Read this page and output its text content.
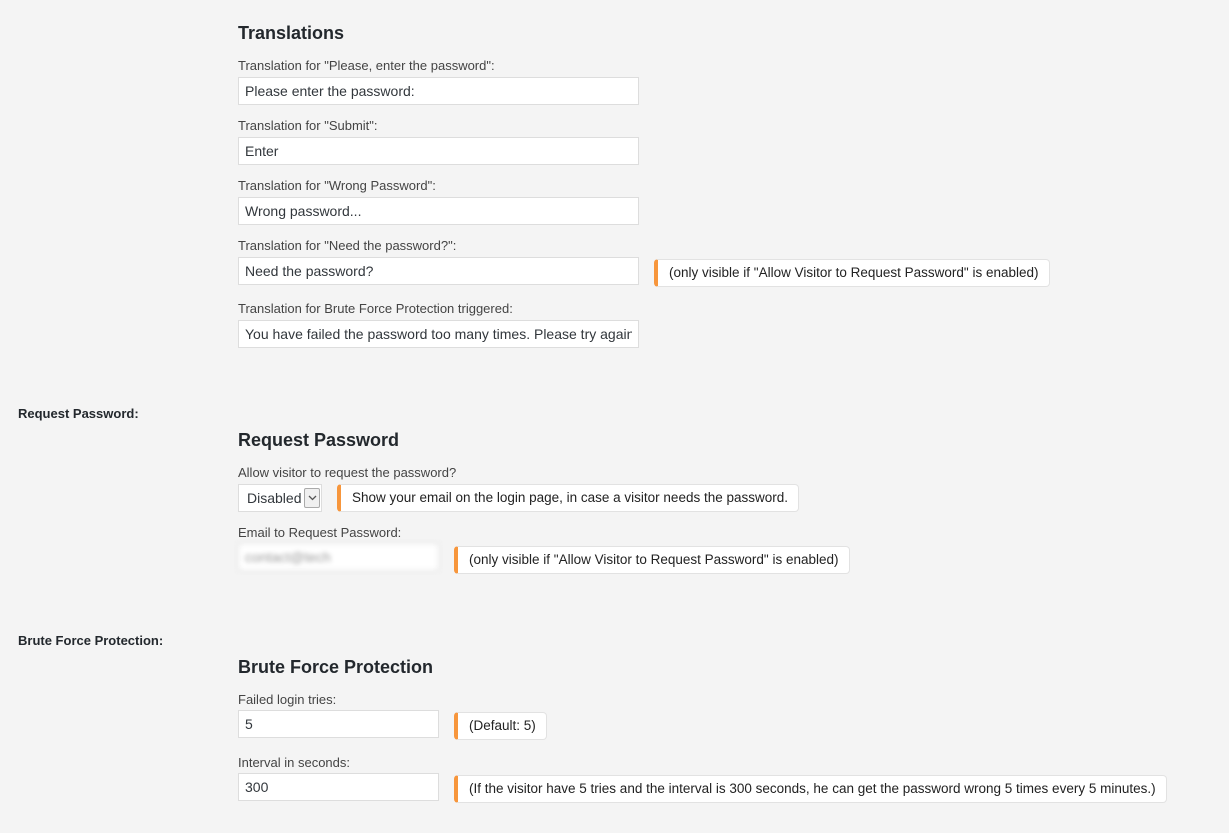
Translations
Translation for "Please, enter the password":
Please enter the password:
Translation for "Submit":
Enter
Translation for "Wrong Password":
Wrong password...
Translation for "Need the password?":
Need the password?
(only visible if "Allow Visitor to Request Password" is enabled)
Translation for Brute Force Protection triggered:
You have failed the password too many times. Please try again a
Request Password:
Request Password
Allow visitor to request the password?
Disabled	Show your email on the login page, in case a visitor needs the password.
Email to Request Password:
contact@tech
(only visible if "Allow Visitor to Request Password" is enabled)
Brute Force Protection:
Brute Force Protection
Failed login tries:
5
(Default: 5)
Interval in seconds:
300
(If the visitor have 5 tries and the interval is 300 seconds, he can get the password wrong 5 times every 5 minutes.)
